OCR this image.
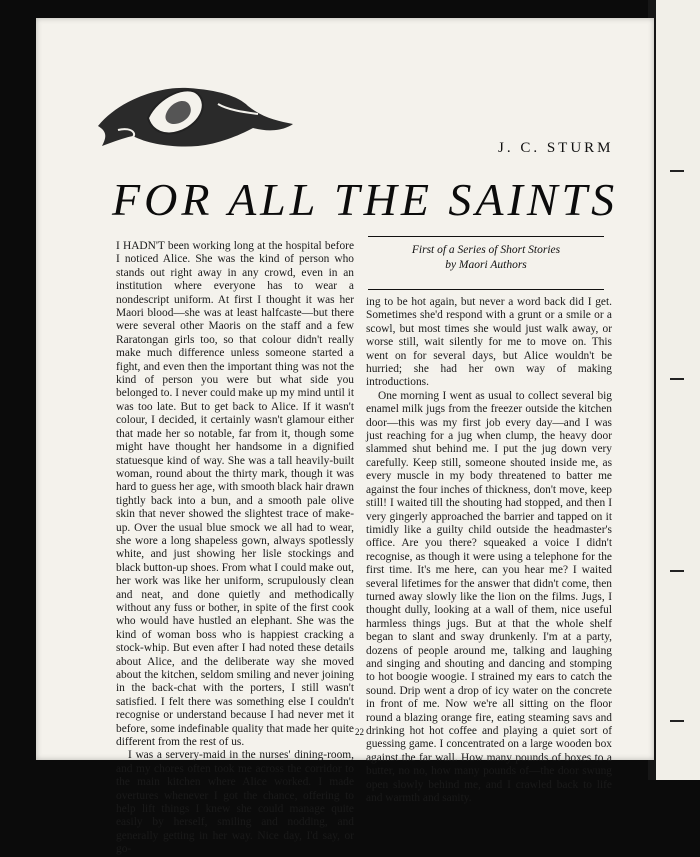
J. C. STURM
FOR ALL THE SAINTS

I HADN'T been working long at the hospital before I noticed Alice. She was the kind of person who stands out right away in any crowd, even in an institution where everyone has to wear a nondescript uniform. At first I thought it was her Maori blood—she was at least halfcaste—but there were several other Maoris on the staff and a few Raratongan girls too, so that colour didn't really make much difference unless someone started a fight, and even then the important thing was not the kind of person you were but what side you belonged to. I never could make up my mind until it was too late. But to get back to Alice. If it wasn't colour, I decided, it certainly wasn't glamour either that made her so notable, far from it, though some might have thought her handsome in a dignified statuesque kind of way. She was a tall heavily-built woman, round about the thirty mark, though it was hard to guess her age, with smooth black hair drawn tightly back into a bun, and a smooth pale olive skin that never showed the slightest trace of make-up. Over the usual blue smock we all had to wear, she wore a long shapeless gown, always spotlessly white, and just showing her lisle stockings and black button-up shoes. From what I could make out, her work was like her uniform, scrupulously clean and neat, and done quietly and methodically without any fuss or bother, in spite of the first cook who would have hustled an elephant. She was the kind of woman boss who is happiest cracking a stock-whip. But even after I had noted these details about Alice, and the deliberate way she moved about the kitchen, seldom smiling and never joining in the back-chat with the porters, I still wasn't satisfied. I felt there was something else I couldn't recognise or understand because I had never met it before, some indefinable quality that made her quite different from the rest of us.

I was a servery-maid in the nurses' dining-room, and my chores often took me across the corridor to the main kitchen where Alice worked. I made overtures whenever I got the chance, offering to help lift things I knew she could manage quite easily by herself, smiling and nodding, and generally getting in her way. Nice day, I'd say, or go-

First of a Series of Short Stories
by Maori Authors

ing to be hot again, but never a word back did I get. Sometimes she'd respond with a grunt or a smile or a scowl, but most times she would just walk away, or worse still, wait silently for me to move on. This went on for several days, but Alice wouldn't be hurried; she had her own way of making introductions.

One morning I went as usual to collect several big enamel milk jugs from the freezer outside the kitchen door—this was my first job every day—and I was just reaching for a jug when clump, the heavy door slammed shut behind me. I put the jug down very carefully. Keep still, someone shouted inside me, as every muscle in my body threatened to batter me against the four inches of thickness, don't move, keep still! I waited till the shouting had stopped, and then I very gingerly approached the barrier and tapped on it timidly like a guilty child outside the headmaster's office. Are you there? squeaked a voice I didn't recognise, as though it were using a telephone for the first time. It's me here, can you hear me? I waited several lifetimes for the answer that didn't come, then turned away slowly like the lion on the films. Jugs, I thought dully, looking at a wall of them, nice useful harmless things jugs. But at that the whole shelf began to slant and sway drunkenly. I'm at a party, dozens of people around me, talking and laughing and singing and shouting and dancing and stomping to hot boogie woogie. I strained my ears to catch the sound. Drip went a drop of icy water on the concrete in front of me. Now we're all sitting on the floor round a blazing orange fire, eating steaming savs and drinking hot hot coffee and playing a quiet sort of guessing game. I concentrated on a large wooden box against the far wall. How many pounds of boxes to a butter, no no, how many pounds of—the door swung open slowly behind me, and I crawled back to life and warmth and sanity.

22
